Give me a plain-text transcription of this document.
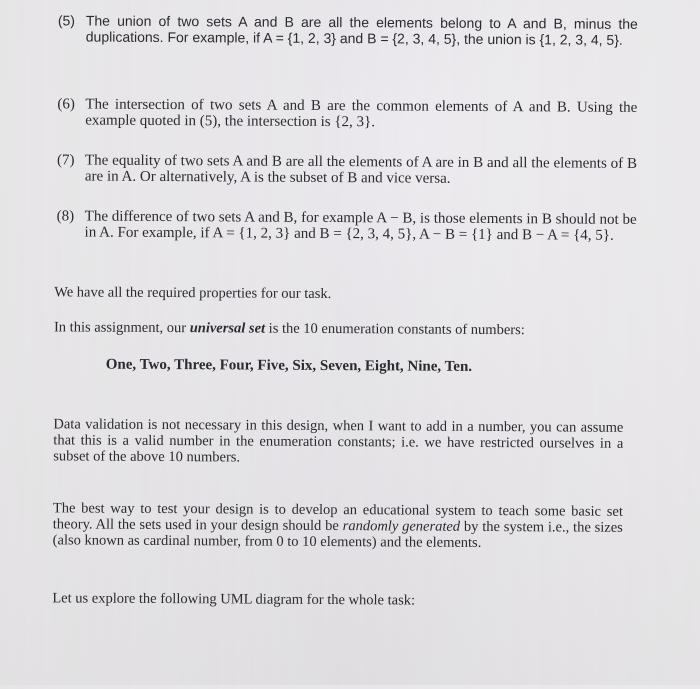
(5) The union of two sets A and B are all the elements belong to A and B, minus the duplications. For example, if A = {1, 2, 3} and B = {2, 3, 4, 5}, the union is {1, 2, 3, 4, 5}.
(6) The intersection of two sets A and B are the common elements of A and B. Using the example quoted in (5), the intersection is {2, 3}.
(7) The equality of two sets A and B are all the elements of A are in B and all the elements of B are in A. Or alternatively, A is the subset of B and vice versa.
(8) The difference of two sets A and B, for example A − B, is those elements in B should not be in A. For example, if A = {1, 2, 3} and B = {2, 3, 4, 5}, A − B = {1} and B − A = {4, 5}.
We have all the required properties for our task.
In this assignment, our universal set is the 10 enumeration constants of numbers:
One, Two, Three, Four, Five, Six, Seven, Eight, Nine, Ten.
Data validation is not necessary in this design, when I want to add in a number, you can assume that this is a valid number in the enumeration constants; i.e. we have restricted ourselves in a subset of the above 10 numbers.
The best way to test your design is to develop an educational system to teach some basic set theory. All the sets used in your design should be randomly generated by the system i.e., the sizes (also known as cardinal number, from 0 to 10 elements) and the elements.
Let us explore the following UML diagram for the whole task:
